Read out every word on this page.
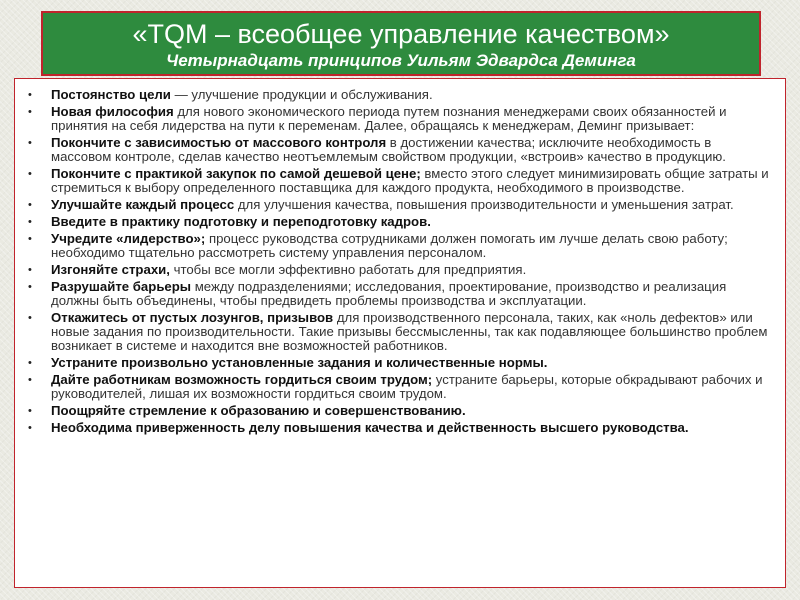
«TQM – всеобщее управление качеством»
Четырнадцать принципов Уильям Эдвардса Деминга
• Постоянство цели — улучшение продукции и обслуживания.
• Новая философия для нового экономического периода путем познания менеджерами своих обязанностей и принятия на себя лидерства на пути к переменам. Далее, обращаясь к менеджерам, Деминг призывает:
• Покончите с зависимостью от массового контроля в достижении качества; исключите необходимость в массовом контроле, сделав качество неотъемлемым свойством продукции, «встроив» качество в продукцию.
• Покончите с практикой закупок по самой дешевой цене; вместо этого следует минимизировать общие затраты и стремиться к выбору определенного поставщика для каждого продукта, необходимого в производстве.
• Улучшайте каждый процесс для улучшения качества, повышения производительности и уменьшения затрат.
• Введите в практику подготовку и переподготовку кадров.
• Учредите «лидерство»; процесс руководства сотрудниками должен помогать им лучше делать свою работу; необходимо тщательно рассмотреть систему управления персоналом.
• Изгоняйте страхи, чтобы все могли эффективно работать для предприятия.
• Разрушайте барьеры между подразделениями; исследования, проектирование, производство и реализация должны быть объединены, чтобы предвидеть проблемы производства и эксплуатации.
• Откажитесь от пустых лозунгов, призывов для производственного персонала, таких, как «ноль дефектов» или новые задания по производительности. Такие призывы бессмысленны, так как подавляющее большинство проблем возникает в системе и находится вне возможностей работников.
• Устраните произвольно установленные задания и количественные нормы.
• Дайте работникам возможность гордиться своим трудом; устраните барьеры, которые обкрадывают рабочих и руководителей, лишая их возможности гордиться своим трудом.
• Поощряйте стремление к образованию и совершенствованию.
• Необходима приверженность делу повышения качества и действенность высшего руководства.
